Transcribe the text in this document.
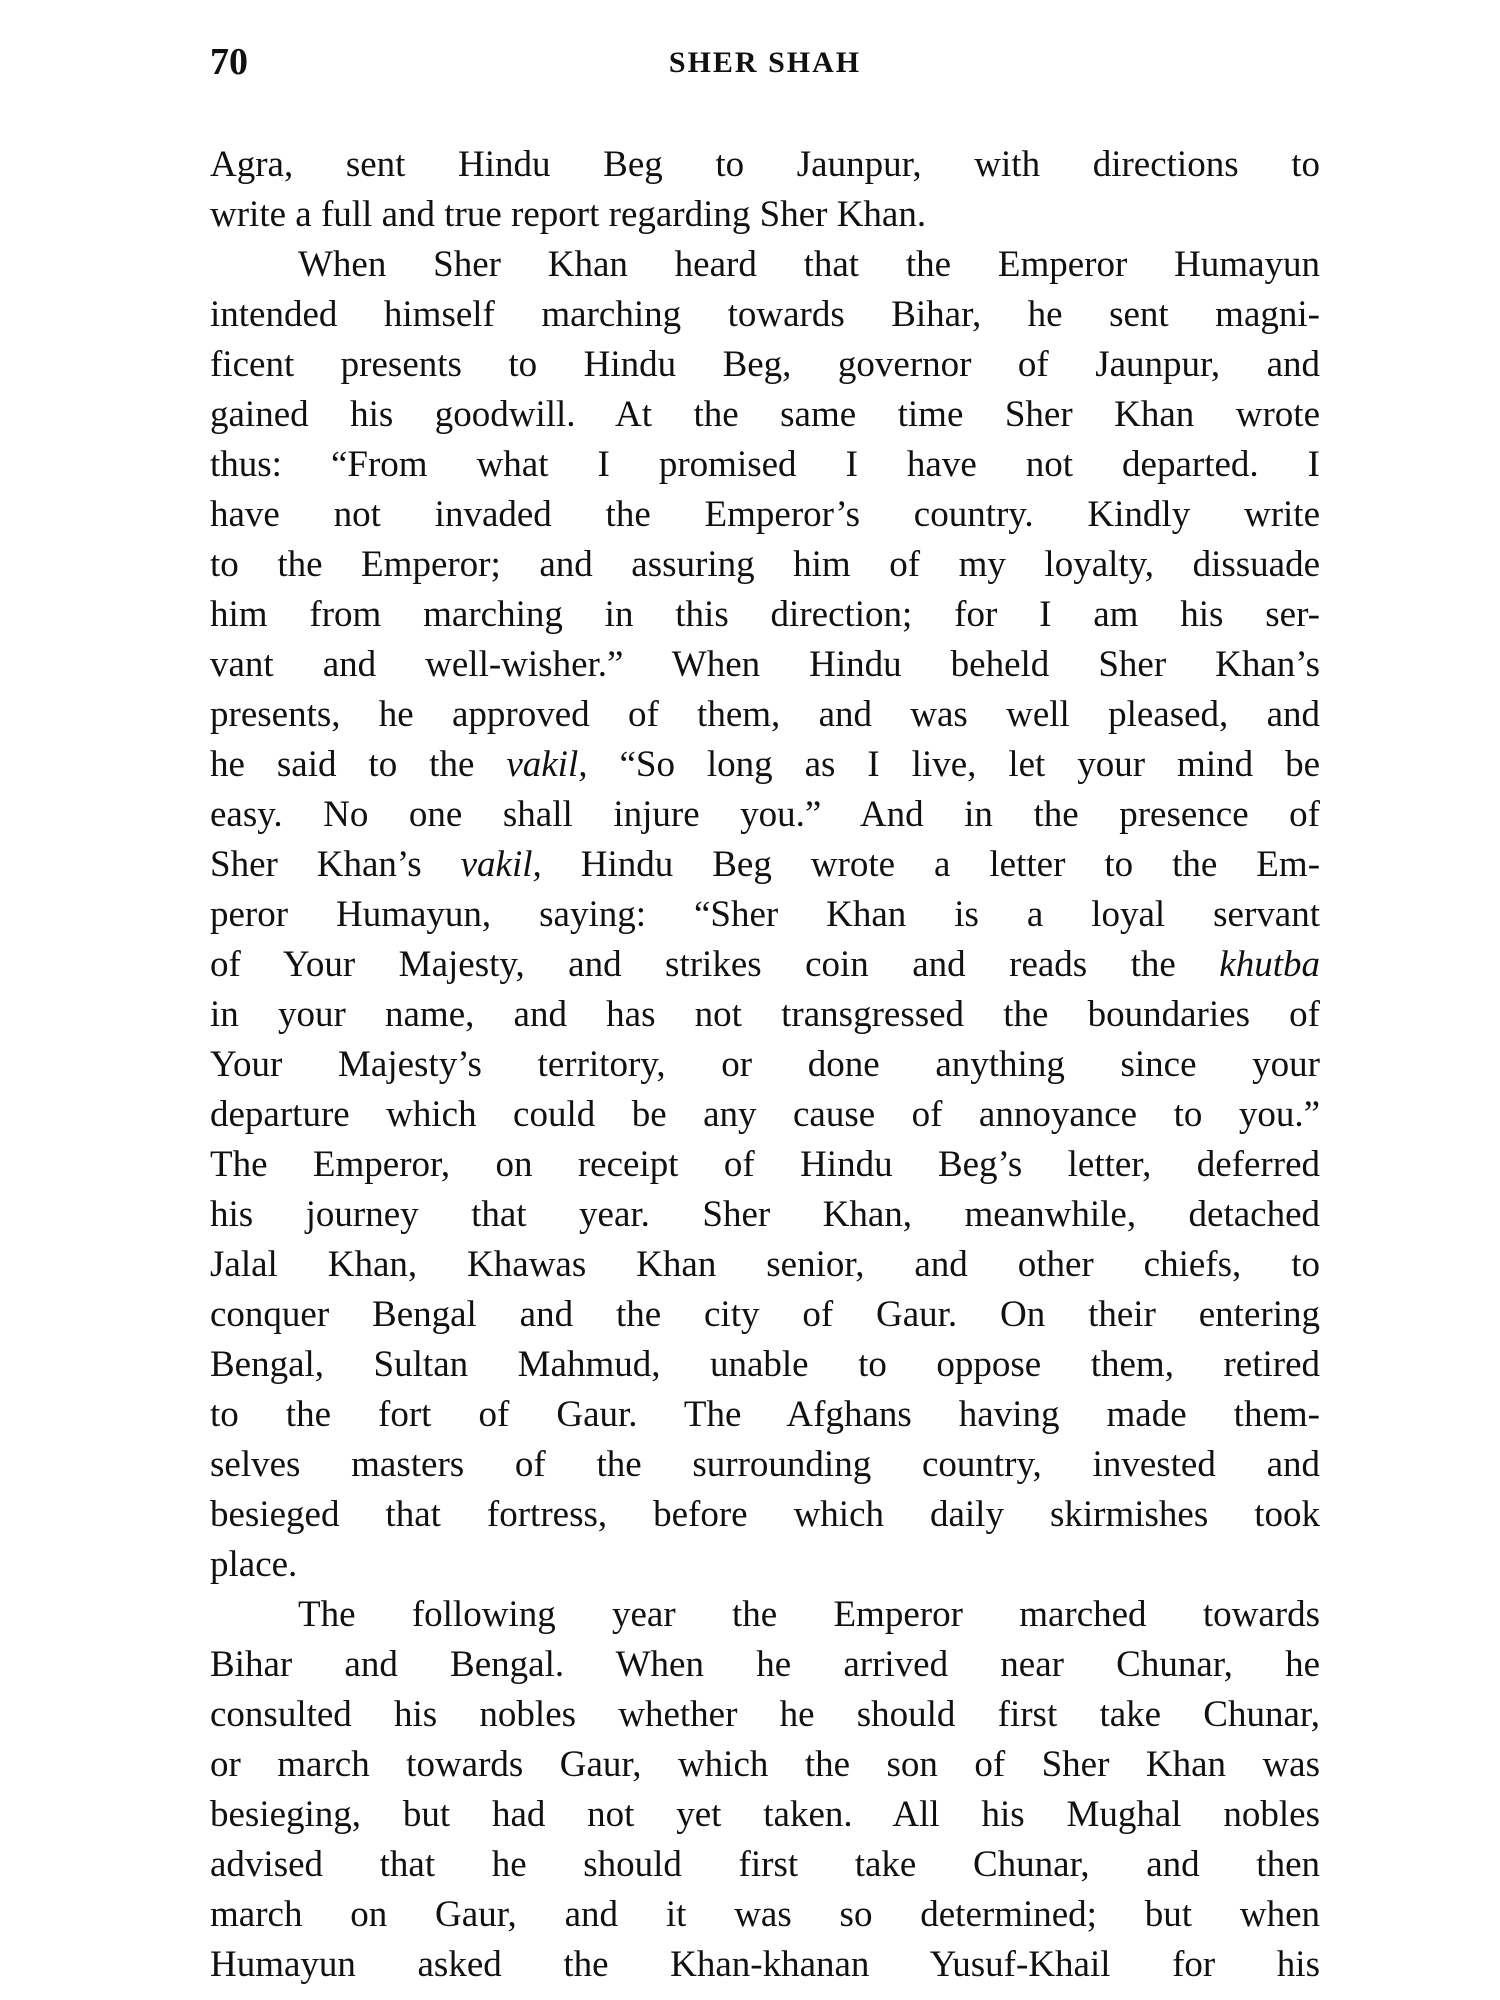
70	SHER SHAH
Agra, sent Hindu Beg to Jaunpur, with directions to
write a full and true report regarding Sher Khan.
When Sher Khan heard that the Emperor Humayun
intended himself marching towards Bihar, he sent magni-
ficent presents to Hindu Beg, governor of Jaunpur, and
gained his goodwill. At the same time Sher Khan wrote
thus: “From what I promised I have not departed. I
have not invaded the Emperor’s country. Kindly write
to the Emperor; and assuring him of my loyalty, dissuade
him from marching in this direction; for I am his ser-
vant and well-wisher.” When Hindu beheld Sher Khan’s
presents, he approved of them, and was well pleased, and
he said to the vakil, “So long as I live, let your mind be
easy. No one shall injure you.” And in the presence of
Sher Khan’s vakil, Hindu Beg wrote a letter to the Em-
peror Humayun, saying: “Sher Khan is a loyal servant
of Your Majesty, and strikes coin and reads the khutba
in your name, and has not transgressed the boundaries of
Your Majesty’s territory, or done anything since your
departure which could be any cause of annoyance to you.”
The Emperor, on receipt of Hindu Beg’s letter, deferred
his journey that year. Sher Khan, meanwhile, detached
Jalal Khan, Khawas Khan senior, and other chiefs, to
conquer Bengal and the city of Gaur. On their entering
Bengal, Sultan Mahmud, unable to oppose them, retired
to the fort of Gaur. The Afghans having made them-
selves masters of the surrounding country, invested and
besieged that fortress, before which daily skirmishes took
place.
The following year the Emperor marched towards
Bihar and Bengal. When he arrived near Chunar, he
consulted his nobles whether he should first take Chunar,
or march towards Gaur, which the son of Sher Khan was
besieging, but had not yet taken. All his Mughal nobles
advised that he should first take Chunar, and then
march on Gaur, and it was so determined; but when
Humayun asked the Khan-khanan Yusuf-Khail for his
